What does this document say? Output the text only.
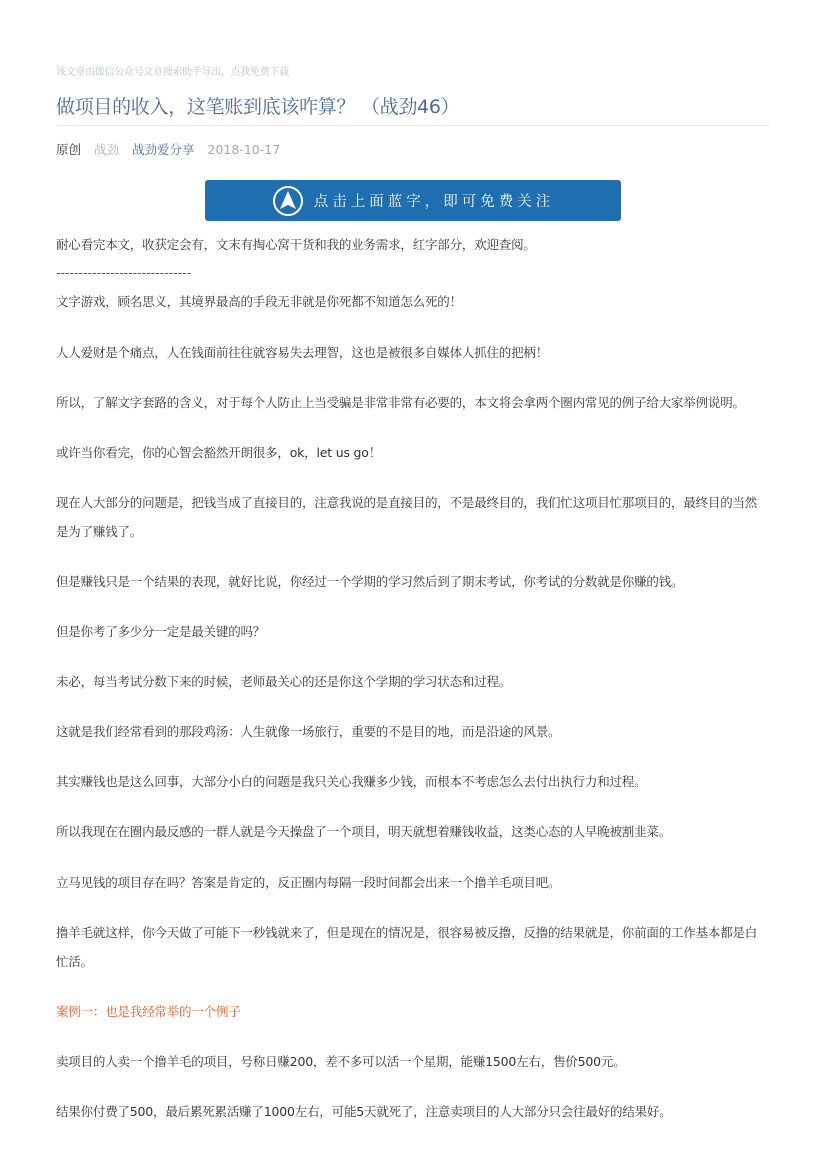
该文章由微信公众号文章搜索助手导出，点我免费下载
做项目的收入，这笔账到底该咋算？ （战劲46）
原创 战劲 战劲爱分享 2018-10-17
点击上面蓝字，即可免费关注
耐心看完本文，收获定会有，文末有掏心窝干货和我的业务需求，红字部分，欢迎查阅。
------------------------------
文字游戏，顾名思义，其境界最高的手段无非就是你死都不知道怎么死的！
人人爱财是个痛点，人在钱面前往往就容易失去理智，这也是被很多自媒体人抓住的把柄！
所以，了解文字套路的含义，对于每个人防止上当受骗是非常非常有必要的，本文将会拿两个圈内常见的例子给大家举例说明。
或许当你看完，你的心智会豁然开朗很多，ok，let us go！
现在人大部分的问题是，把钱当成了直接目的，注意我说的是直接目的，不是最终目的，我们忙这项目忙那项目的，最终目的当然
是为了赚钱了。
但是赚钱只是一个结果的表现，就好比说，你经过一个学期的学习然后到了期末考试，你考试的分数就是你赚的钱。
但是你考了多少分一定是最关键的吗？
未必，每当考试分数下来的时候，老师最关心的还是你这个学期的学习状态和过程。
这就是我们经常看到的那段鸡汤：人生就像一场旅行，重要的不是目的地，而是沿途的风景。
其实赚钱也是这么回事，大部分小白的问题是我只关心我赚多少钱，而根本不考虑怎么去付出执行力和过程。
所以我现在在圈内最反感的一群人就是今天操盘了一个项目，明天就想着赚钱收益，这类心态的人早晚被割韭菜。
立马见钱的项目存在吗？答案是肯定的，反正圈内每隔一段时间都会出来一个撸羊毛项目吧。
撸羊毛就这样，你今天做了可能下一秒钱就来了，但是现在的情况是，很容易被反撸，反撸的结果就是，你前面的工作基本都是白
忙活。
案例一：也是我经常举的一个例子
卖项目的人卖一个撸羊毛的项目，号称日赚200，差不多可以活一个星期，能赚1500左右，售价500元。
结果你付费了500，最后累死累活赚了1000左右，可能5天就死了，注意卖项目的人大部分只会往最好的结果好。
